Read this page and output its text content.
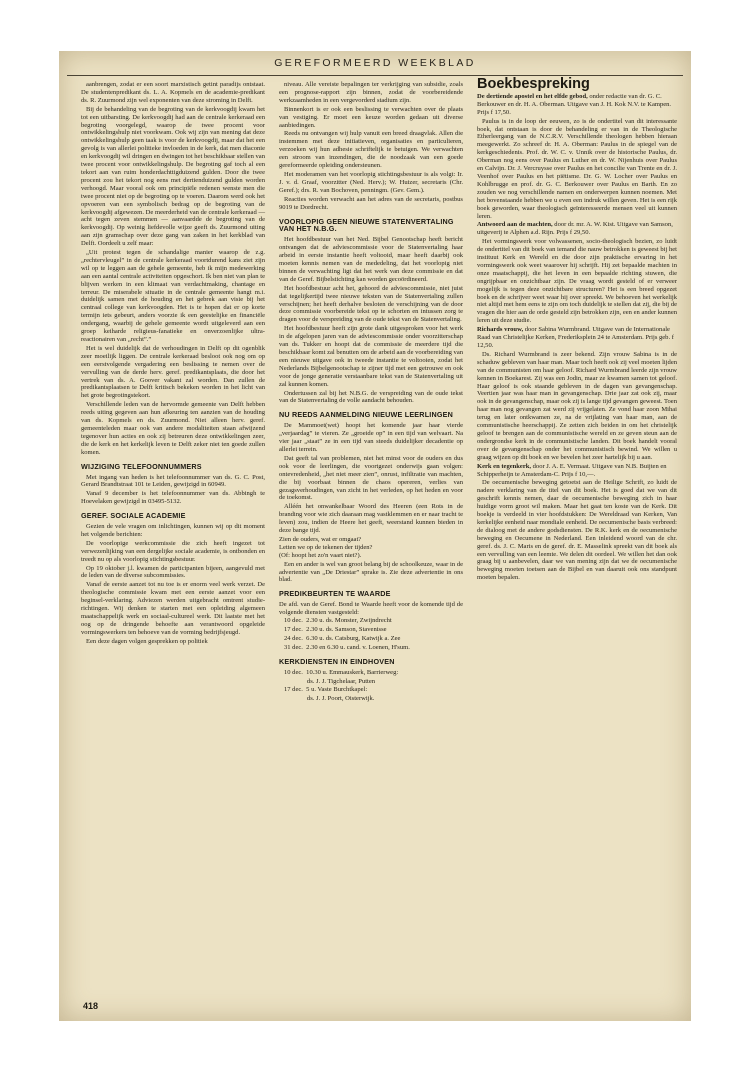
GEREFORMEERD WEEKBLAD

aanbrengen, zodat er een soort marxistisch getint paradijs ontstaat. De studentenpredikant ds. L. A. Kopmels en de academie-predikant ds. R. Zuurmond zijn wel exponenten van deze stroming in Delft.

Bij de behandeling van de begroting van de kerkvoogdij kwam het tot een uitbarsting. De kerkvoogdij had aan de centrale kerkeraad een begroting voorgelegd, waarop de twee procent voor ontwikkelingshulp niet voorkwam. Ook wij zijn van mening dat deze ontwikkelingshulp geen taak is voor de kerkvoogdij, maar dat het een gevolg is van allerlei politieke invloeden in de kerk, dat men diaconie en kerkvoogdij wil dringen en dwingen tot het beschikbaar stellen van twee procent voor ontwikkelingshulp. De begroting gaf toch al een tekort aan van ruim honderdachttigduizend gulden. Door die twee procent zou het tekort nog eens met dertienduizend gulden worden verhoogd. Maar vooral ook om principiële redenen wenste men die twee procent niet op de begroting op te voeren. Daarom werd ook het opvoeren van een symbolisch bedrag op de begroting van de kerkvoogdij afgewezen. De meerderheid van de centrale kerkeraad — acht tegen zeven stemmen — aanvaardde de begroting van de kerkvoogdij. Op weinig liefdevolle wijze geeft ds. Zuurmond uiting aan zijn gramschap over deze gang van zaken in het kerkblad van Delft. Oordeelt u zelf maar:

„Uit protest tegen de schandalige manier waarop de z.g. „rechtervleugel” in de centrale kerkeraad voortdurend kans ziet zijn wil op te leggen aan de gehele gemeente, heb ik mijn medewerking aan een aantal centrale activiteiten opgeschort. Ik ben niet van plan te blijven werken in een klimaat van verdachtmaking, chantage en terreur. De miserabele situatie in de centrale gemeente hangt m.i. duidelijk samen met de houding en het gebrek aan visie bij het centraal college van kerkvoogden. Het is te hopen dat er op korte termijn iets gebeurt, anders voorzie ik een geestelijke en financiële ondergang, waarbij de gehele gemeente wordt uitgeleverd aan een groep keiharde religieus-fanatieke en onverzoenlijke ultra-reactionairen van „recht”.”

Het is wel duidelijk dat de verhoudingen in Delft op dit ogenblik zeer moeilijk liggen. De centrale kerkeraad besloot ook nog om op een eerstvolgende vergadering een beslissing te nemen over de vervulling van de derde herv. geref. predikantsplaats, die door het vertrek van ds. A. Goover vakant zal worden. Dan zullen de predikantsplaatsen te Delft kritisch bekeken worden in het licht van het grote begrotingstekort.

Verschillende leden van de hervormde gemeente van Delft hebben reeds uiting gegeven aan hun afkeuring ten aanzien van de houding van ds. Kopmels en ds. Zuurmond. Niet alleen herv. geref. gemeenteleden maar ook van andere modaliteiten staan afwijzend tegenover hun acties en ook zij betreuren deze ontwikkelingen zeer, die de kerk en het kerkelijk leven te Delft zeker niet ten goede zullen komen.

WIJZIGING TELEFOONNUMMERS

Met ingang van heden is het telefoonnummer van ds. G. C. Post, Gerard Brandtstraat 101 te Leiden, gewijzigd in 60949.

Vanaf 9 december is het telefoonnummer van ds. Abbingh te Hoevelaken gewijzigd in 03495-5132.

GEREF. SOCIALE ACADEMIE

Gezien de vele vragen om inlichtingen, kunnen wij op dit moment het volgende berichten:

De voorlopige werkcommissie die zich heeft ingezet tot verwezenlijking van een dergelijke sociale academie, is ontbonden en treedt nu op als voorlopig stichtingsbestuur.

Op 19 oktober j.l. kwamen de participanten bijeen, aangevuld met de leden van de diverse subcommissies.

Vanaf de eerste aanzet tot nu toe is er enorm veel werk verzet. De theologische commissie kwam met een eerste aanzet voor een beginsel-verklaring. Adviezen werden uitgebracht omtrent studie-richtingen. Wij denken te starten met een opleiding algemeen maatschappelijk werk en sociaal-cultureel werk. Dit laatste met het oog op de dringende behoefte aan verantwoord opgeleide vormingswerkers ten behoeve van de vorming bedrijfsjeugd.

Een deze dagen volgen gesprekken op politiek

niveau. Alle vereiste bepalingen ter verkrijging van subsidie, zoals een prognose-rapport zijn binnen, zodat de voorbereidende werkzaamheden in een vergevorderd stadium zijn.

Binnenkort is er ook een beslissing te verwachten over de plaats van vestiging. Er moet een keuze worden gedaan uit diverse aanbiedingen.

Reeds nu ontvangen wij hulp vanuit een breed draagvlak. Allen die instemmen met deze initiatieven, organisaties en particulieren, verzoeken wij hun adhesie schriftelijk te betuigen. We verwachten een stroom van inzendingen, die de noodzaak van een goede gereformeerde opleiding ondersteunen.

Het moderamen van het voorlopig stichtingsbestuur is als volgt: Ir. J. v. d. Graaf, voorzitter (Ned. Herv.); W. Huizer, secretaris (Chr. Geref.); drs. R. van Bochoven, penningm. (Gev. Gem.).

Reacties worden verwacht aan het adres van de secretaris, postbus 9019 te Dordrecht.

VOORLOPIG GEEN NIEUWE STATENVERTALING VAN HET N.B.G.

Het hoofdbestuur van het Ned. Bijbel Genootschap heeft bericht ontvangen dat de adviescommissie voor de Statenvertaling haar arbeid in eerste instantie heeft voltooid, maar heeft daarbij ook moeten kennis nemen van de mededeling, dat het voorlopig niet binnen de verwachting ligt dat het werk van deze commissie en dat van de Geref. Bijbelstichting kan worden gecoördineerd.

Het hoofdbestuur acht het, gehoord de adviescommissie, niet juist dat tegelijkertijd twee nieuwe teksten van de Statenvertaling zullen verschijnen; het heeft derhalve besloten de verschijning van de door deze commissie voorbereide tekst op te schorten en intussen zorg te dragen voor de verspreiding van de oude tekst van de Statenvertaling.

Het hoofdbestuur heeft zijn grote dank uitgesproken voor het werk in de afgelopen jaren van de adviescommissie onder voorzitterschap van ds. Tukker en hoopt dat de commissie de meerdere tijd die beschikbaar komt zal benutten om de arbeid aan de voorbereiding van een nieuwe uitgave ook in tweede instantie te voltooien, zodat het Nederlands Bijbelgenootschap te zijner tijd met een getrouwe en ook voor de jonge generatie verstaanbare tekst van de Statenvertaling uit zal kunnen komen.

Ondertussen zal bij het N.B.G. de verspreiding van de oude tekst van de Statenvertaling de volle aandacht behouden.

NU REEDS AANMELDING NIEUWE LEERLINGEN

De Mammoet(wet) hoopt het komende jaar haar vierde „verjaardag” te vieren. Ze „groeide op” in een tijd van welvaart. Na vier jaar „staat” ze in een tijd van steeds duidelijker decadentie op allerlei terrein.

Dat geeft tal van problemen, niet het minst voor de ouders en dus ook voor de leerlingen, die voortgezet onderwijs gaan volgen: ontevredenheid, „het niet meer zien”, onrust, infiltratie van machten, die bij voorbaat binnen de chaos opereren, verlies van gezagsverhoudingen, van zicht in het verleden, op het heden en voor de toekomst.

Alléén het onwankelbaar Woord des Heeren (een Rots in de branding voor wie zich daaraan mag vastklemmen en er naar tracht te leven) zou, indien de Heere het geeft, weerstand kunnen bieden in deze bange tijd.

Zien de ouders, wat er omgaat?
Letten we op de tekenen der tijden?
(Of: hoopt het zo'n vaart niet?).

Een en ander is wel van groot belang bij de schoolkeuze, waar in de advertentie van „De Driestar” sprake is. Zie deze advertentie in ons blad.

PREDIKBEURTEN TE WAARDE

De afd. van de Geref. Bond te Waarde heeft voor de komende tijd de volgende diensten vastgesteld:

10 dec.  2.30 u. ds. Monster, Zwijndrecht

17 dec.  2.30 u. ds. Samson, Stavenisse

24 dec.  6.30 u. ds. Catsburg, Katwijk a. Zee

31 dec.  2.30 en 6.30 u. cand. v. Loenen, H'sum.

KERKDIENSTEN IN EINDHOVEN

10 dec.  10.30 u. Emmauskerk, Barrierweg:

ds. J. J. Tigchelaar, Putten

17 dec.  5 u. Vaste Burchtkapel:

ds. J. J. Poort, Oisterwijk.

Boekbespreking

De dertiende apostel en het elfde gebod, onder redactie van dr. G. C. Berkouwer en dr. H. A. Oberman. Uitgave van J. H. Kok N.V. te Kampen. Prijs f 17,50.

Paulus is in de loop der eeuwen, zo is de ondertitel van dit interessante boek, dat ontstaan is door de behandeling er van in de Theologische Etherleergang van de N.C.R.V. Verschillende theologen hebben hieraan meegewerkt. Zo schreef dr. H. A. Oberman: Paulus in de spiegel van de kerkgeschiedenis. Prof. dr. W. C. v. Unnik over de historische Paulus, dr. Oberman nog eens over Paulus en Luther en dr. W. Nijenhuis over Paulus en Calvijn. Dr. J. Vercruysse over Paulus en het concilie van Trente en dr. J. Veenhof over Paulus en het piëtisme. Dr. G. W. Locher over Paulus en Kohlbrugge en prof. dr. G. C. Berkouwer over Paulus en Barth. En zo zouden we nog verschillende namen en onderwerpen kunnen noemen. Met het bovenstaande hebben we u even een indruk willen geven. Het is een rijk boek geworden, waar theologisch geïnteresseerde mensen veel uit kunnen leren.

Antwoord aan de machten, door dr. mr. A. W. Kist. Uitgave van Samson, uitgeverij te Alphen a.d. Rijn. Prijs f 29,50.

Het vormingswerk voor volwassenen, socio-theologisch bezien, zo luidt de ondertitel van dit boek van iemand die nauw betrokken is geweest bij het instituut Kerk en Wereld en die door zijn praktische ervaring in het vormingswerk ook weet waarover hij schrijft. Hij zet bepaalde machten in onze maatschappij, die het leven in een bepaalde richting stuwen, die ongrijpbaar en onzichtbaar zijn. De vraag wordt gesteld of er verweer mogelijk is tegen deze onzichtbare structuren? Het is een breed opgezet boek en de schrijver weet waar hij over spreekt. We behoeven het werkelijk niet altijd met hem eens te zijn om toch duidelijk te stellen dat zij, die bij de vragen die hier aan de orde gesteld zijn betrokken zijn, een en ander kunnen leren uit deze studie.

Richards vrouw, door Sabina Wurmbrand. Uitgave van de Internationale Raad van Christelijke Kerken, Frederiksplein 24 te Amsterdam. Prijs geb. f 12,50.

Ds. Richard Wurmbrand is zeer bekend. Zijn vrouw Sabina is in de schaduw gebleven van haar man. Maar toch heeft ook zij veel moeten lijden van de communisten om haar geloof. Richard Wurmbrand leerde zijn vrouw kennen in Boekarest. Zij was een Jodin, maar ze kwamen samen tot geloof. Haar geloof is ook staande gebleven in de dagen van gevangenschap. Veertien jaar was haar man in gevangenschap. Drie jaar zat ook zij, maar ook in de gevangenschap, maar ook zij is lange tijd gevangen geweest. Toen haar man nog gevangen zat werd zij vrijgelaten. Ze vond haar zoon Mihai terug en later ontkwamen ze, na de vrijlating van haar man, aan de communistische heerschappij. Ze zetten zich beiden in om het christelijk geloof te brengen aan de communistische wereld en ze geven steun aan de ondergrondse kerk in de communistische landen. Dit boek handelt vooral over de gevangenschap onder het communistisch bewind. We willen u graag wijzen op dit boek en we bevelen het zeer hartelijk bij u aan.

Kerk en tegenkerk, door J. A. E. Vermaat. Uitgave van N.B. Buijten en Schipperheijn te Amsterdam-C. Prijs f 10,—.

De oecumenische beweging getoetst aan de Heilige Schrift, zo luidt de nadere verklaring van de titel van dit boek. Het is goed dat we van dit geschrift kennis nemen, daar de oecumenische beweging zich in haar huidige vorm groot wil maken. Maar het gaat ten koste van de Kerk. Dit boekje is verdeeld in vier hoofdstukken: De Wereldraad van Kerken, Van kerkelijke eenheid naar mondiale eenheid. De oecumenische basis verbreed: de dialoog met de andere godsdiensten. De R.K. kerk en de oecumenische beweging en Oecumene in Nederland. Een inleidend woord van de chr. geref. ds. J. C. Maris en de geref. dr. E. Masselink spreekt van dit boek als een vervulling van een leemte. We delen dit oordeel. We willen het dan ook graag bij u aanbevelen, daar we van mening zijn dat we de oecumenische beweging moeten toetsen aan de Bijbel en van daaruit ook ons standpunt moeten bepalen.

418
